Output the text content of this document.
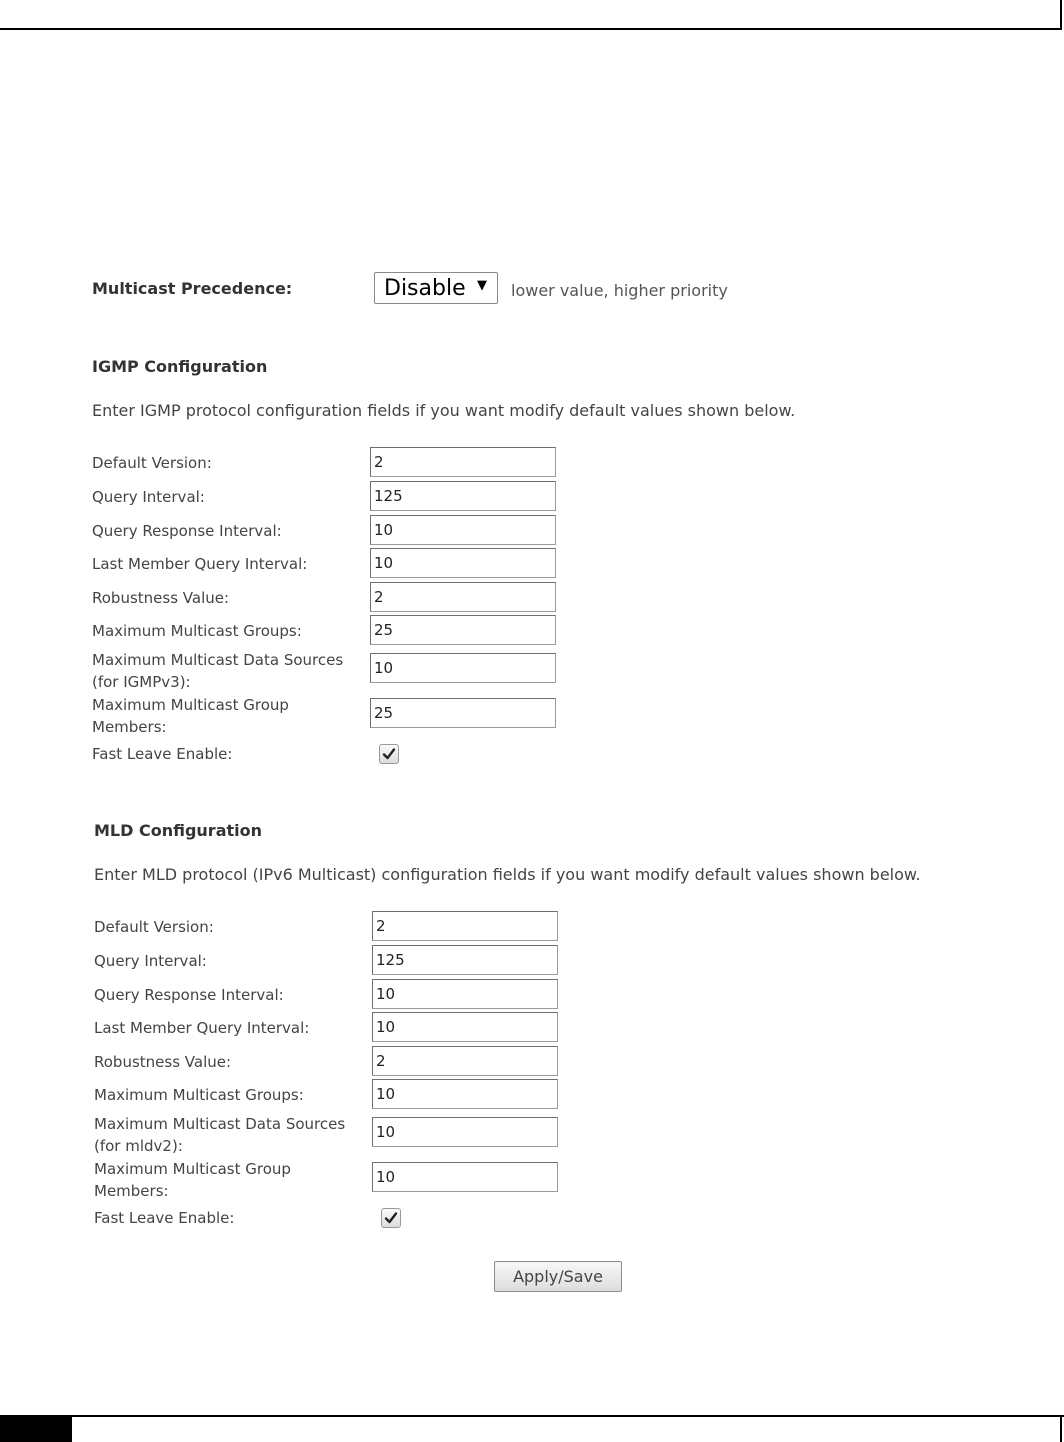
Multicast Precedence:	Disable ▼ lower value, higher priority
IGMP Configuration
Enter IGMP protocol configuration fields if you want modify default values shown below.
Default Version:
2
Query Interval:
125
Query Response Interval:
10
Last Member Query Interval:
10
Robustness Value:
2
Maximum Multicast Groups:
25
Maximum Multicast Data Sources (for IGMPv3):
10
Maximum Multicast Group Members:
25
Fast Leave Enable:
MLD Configuration
Enter MLD protocol (IPv6 Multicast) configuration fields if you want modify default values shown below.
Default Version:
2
Query Interval:
125
Query Response Interval:
10
Last Member Query Interval:
10
Robustness Value:
2
Maximum Multicast Groups:
10
Maximum Multicast Data Sources (for mldv2):
10
Maximum Multicast Group Members:
10
Fast Leave Enable:
Apply/Save
